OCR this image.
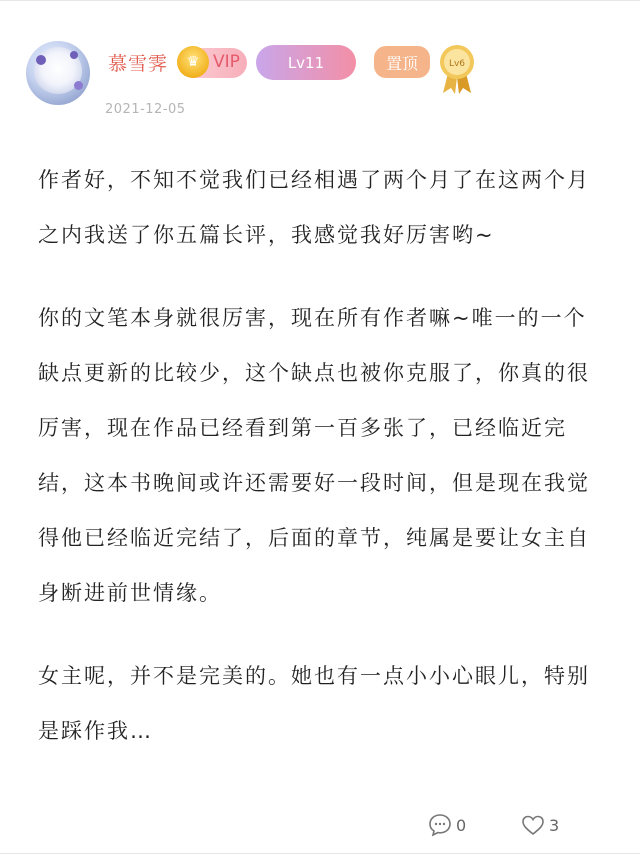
慕雪霁	♛ VIP	Lv11	置顶	Lv6
2021-12-05

作者好，不知不觉我们已经相遇了两个月了在这两个月之内我送了你五篇长评，我感觉我好厉害哟~

你的文笔本身就很厉害，现在所有作者嘛~唯一的一个缺点更新的比较少，这个缺点也被你克服了，你真的很厉害，现在作品已经看到第一百多张了，已经临近完结，这本书晚间或许还需要好一段时间，但是现在我觉得他已经临近完结了，后面的章节，纯属是要让女主自身断进前世情缘。

女主呢，并不是完美的。她也有一点小小心眼儿，特别是踩作我…

0	3
